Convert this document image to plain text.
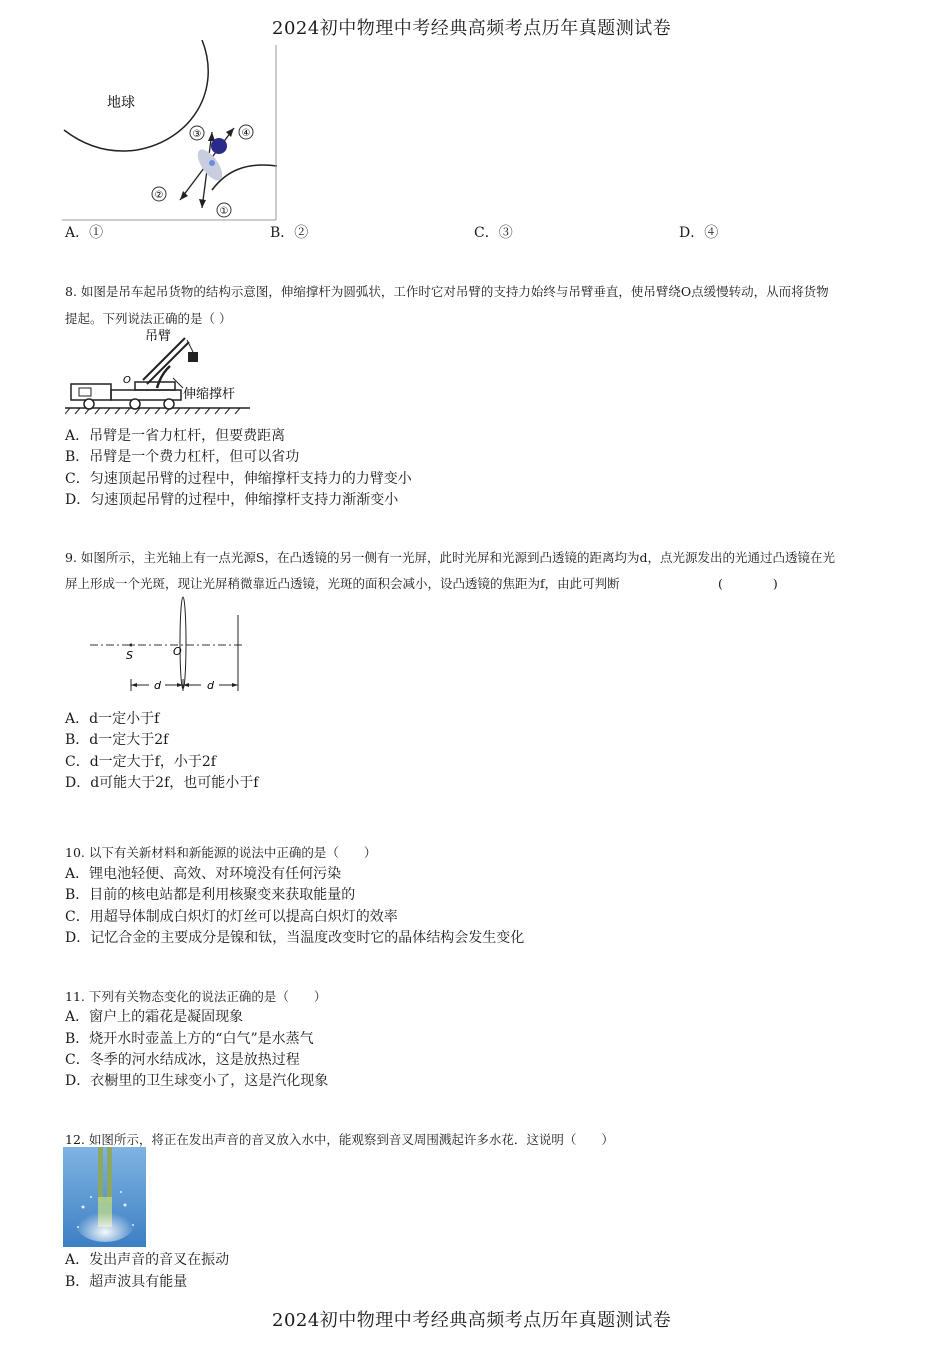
2024初中物理中考经典高频考点历年真题测试卷
地球
③	④
②
①
A．①	B．②	C．③	D．④
8. 如图是吊车起吊货物的结构示意图，伸缩撑杆为圆弧状，工作时它对吊臂的支持力始终与吊臂垂直，使吊臂绕O点缓慢转动，从而将货物
提起。下列说法正确的是（ ）
吊臂
O
伸缩撑杆
A．吊臂是一省力杠杆，但要费距离
B．吊臂是一个费力杠杆，但可以省功
C．匀速顶起吊臂的过程中，伸缩撑杆支持力的力臂变小
D．匀速顶起吊臂的过程中，伸缩撑杆支持力渐渐变小
9. 如图所示，主光轴上有一点光源S，在凸透镜的另一侧有一光屏，此时光屏和光源到凸透镜的距离均为d，点光源发出的光通过凸透镜在光
屏上形成一个光斑，现让光屏稍微靠近凸透镜，光斑的面积会减小，设凸透镜的焦距为f，由此可判断	(　　　　)
S	O
d	d
A．d一定小于f
B．d一定大于2f
C．d一定大于f，小于2f
D．d可能大于2f，也可能小于f
10. 以下有关新材料和新能源的说法中正确的是（　　）
A．锂电池轻便、高效、对环境没有任何污染
B．目前的核电站都是利用核聚变来获取能量的
C．用超导体制成白炽灯的灯丝可以提高白炽灯的效率
D．记忆合金的主要成分是镍和钛，当温度改变时它的晶体结构会发生变化
11. 下列有关物态变化的说法正确的是（　　）
A．窗户上的霜花是凝固现象
B．烧开水时壶盖上方的“白气”是水蒸气
C．冬季的河水结成冰，这是放热过程
D．衣橱里的卫生球变小了，这是汽化现象
12. 如图所示，将正在发出声音的音叉放入水中，能观察到音叉周围溅起许多水花．这说明（　　）
A．发出声音的音叉在振动
B．超声波具有能量
2024初中物理中考经典高频考点历年真题测试卷
